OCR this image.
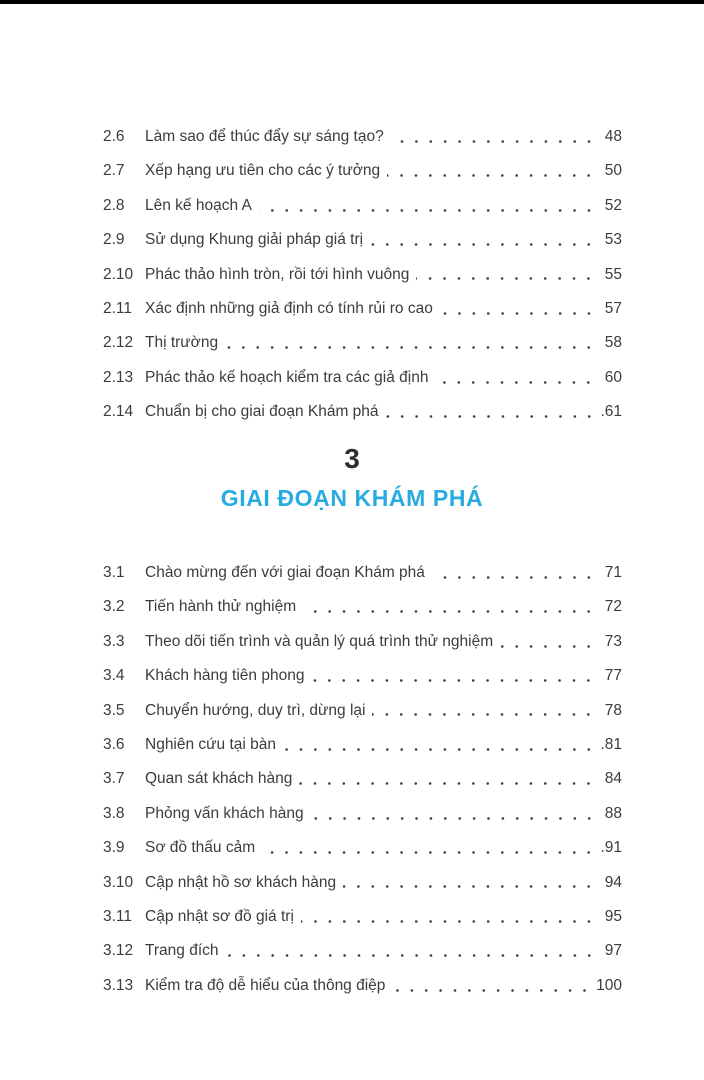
2.6	Làm sao để thúc đẩy sự sáng tạo?	48
2.7	Xếp hạng ưu tiên cho các ý tưởng	50
2.8	Lên kế hoạch A	52
2.9	Sử dụng Khung giải pháp giá trị	53
2.10 Phác thảo hình tròn, rồi tới hình vuông	55
2.11 Xác định những giả định có tính rủi ro cao	57
2.12 Thị trường	58
2.13 Phác thảo kế hoạch kiểm tra các giả định	60
2.14 Chuẩn bị cho giai đoạn Khám phá	.61
3
GIAI ĐOẠN KHÁM PHÁ
3.1	Chào mừng đến với giai đoạn Khám phá	71
3.2	Tiến hành thử nghiệm	72
3.3	Theo dõi tiến trình và quản lý quá trình thử nghiệm	73
3.4	Khách hàng tiên phong	77
3.5	Chuyển hướng, duy trì, dừng lại	78
3.6	Nghiên cứu tại bàn	.81
3.7	Quan sát khách hàng	84
3.8	Phỏng vấn khách hàng	88
3.9	Sơ đồ thấu cảm	.91
3.10 Cập nhật hồ sơ khách hàng	94
3.11 Cập nhật sơ đồ giá trị	95
3.12 Trang đích	97
3.13 Kiểm tra độ dễ hiểu của thông điệp	100
